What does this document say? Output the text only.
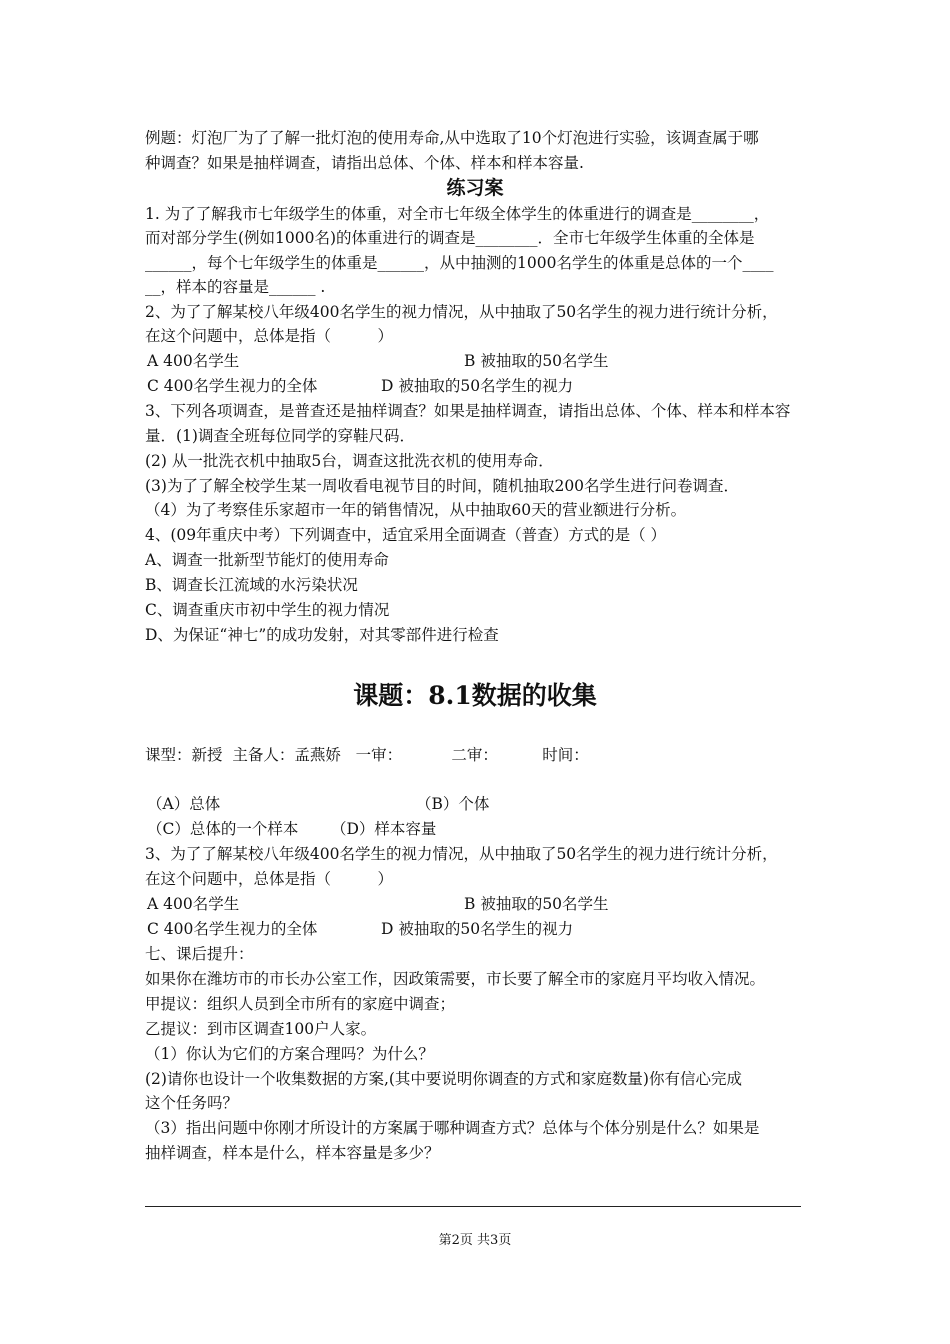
例题：灯泡厂为了了解一批灯泡的使用寿命,从中选取了10个灯泡进行实验，该调查属于哪
种调查？如果是抽样调查，请指出总体、个体、样本和样本容量.
练习案
1. 为了了解我市七年级学生的体重，对全市七年级全体学生的体重进行的调查是________，
而对部分学生(例如1000名)的体重进行的调查是________．全市七年级学生体重的全体是
______，每个七年级学生的体重是______，从中抽测的1000名学生的体重是总体的一个____
__，样本的容量是______ .
2、为了了解某校八年级400名学生的视力情况，从中抽取了50名学生的视力进行统计分析，
在这个问题中，总体是指（　　　）
A 400名学生	B 被抽取的50名学生
C 400名学生视力的全体	D 被抽取的50名学生的视力
3、下列各项调查，是普查还是抽样调查？如果是抽样调查，请指出总体、个体、样本和样本容
量．(1)调查全班每位同学的穿鞋尺码．
(2) 从一批洗衣机中抽取5台，调查这批洗衣机的使用寿命．
(3)为了了解全校学生某一周收看电视节目的时间，随机抽取200名学生进行问卷调查．
（4）为了考察佳乐家超市一年的销售情况，从中抽取60天的营业额进行分析。
4、(09年重庆中考）下列调查中，适宜采用全面调查（普查）方式的是（ ）
A、调查一批新型节能灯的使用寿命
B、调查长江流域的水污染状况
C、调查重庆市初中学生的视力情况
D、为保证“神七”的成功发射，对其零部件进行检查
课题：8.1数据的收集
课型：新授  主备人：孟燕娇   一审：          二审：         时间：
（A）总体	（B）个体
（C）总体的一个样本 （D）样本容量
3、为了了解某校八年级400名学生的视力情况，从中抽取了50名学生的视力进行统计分析，
在这个问题中，总体是指（　　　）
A 400名学生	B 被抽取的50名学生
C 400名学生视力的全体	D 被抽取的50名学生的视力
七、课后提升：
如果你在潍坊市的市长办公室工作，因政策需要，市长要了解全市的家庭月平均收入情况。
甲提议：组织人员到全市所有的家庭中调查；
乙提议：到市区调查100户人家。
（1）你认为它们的方案合理吗？为什么？
(2)请你也设计一个收集数据的方案,(其中要说明你调查的方式和家庭数量)你有信心完成
这个任务吗？
（3）指出问题中你刚才所设计的方案属于哪种调查方式？总体与个体分别是什么？如果是
抽样调查，样本是什么，样本容量是多少？
第2页 共3页
